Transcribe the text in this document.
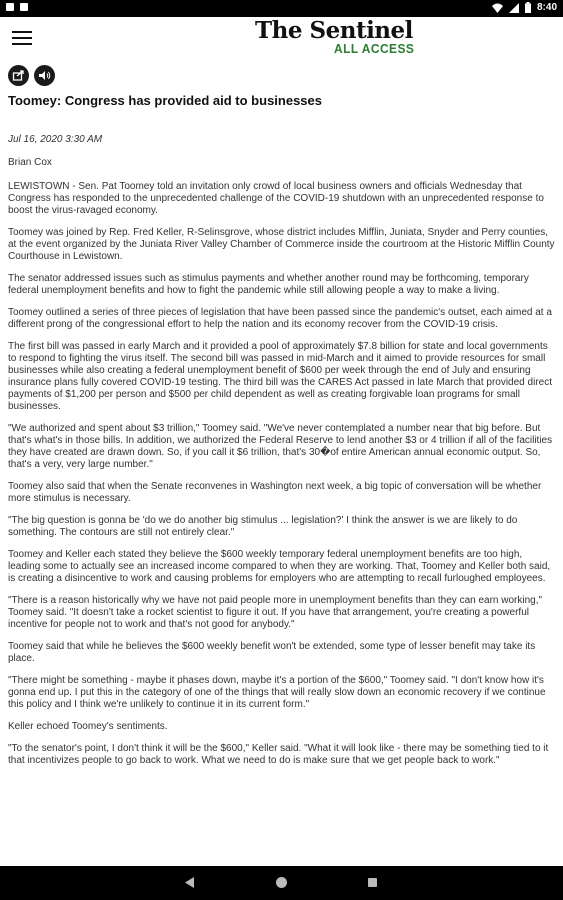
8:40
The Sentinel
ALL ACCESS
Toomey: Congress has provided aid to businesses
Jul 16, 2020 3:30 AM
Brian Cox

LEWISTOWN - Sen. Pat Toomey told an invitation only crowd of local business owners and officials Wednesday that Congress has responded to the unprecedented challenge of the COVID-19 shutdown with an unprecedented response to boost the virus-ravaged economy.

Toomey was joined by Rep. Fred Keller, R-Selinsgrove, whose district includes Mifflin, Juniata, Snyder and Perry counties, at the event organized by the Juniata River Valley Chamber of Commerce inside the courtroom at the Historic Mifflin County Courthouse in Lewistown.

The senator addressed issues such as stimulus payments and whether another round may be forthcoming, temporary federal unemployment benefits and how to fight the pandemic while still allowing people a way to make a living.

Toomey outlined a series of three pieces of legislation that have been passed since the pandemic's outset, each aimed at a different prong of the congressional effort to help the nation and its economy recover from the COVID-19 crisis.

The first bill was passed in early March and it provided a pool of approximately $7.8 billion for state and local governments to respond to fighting the virus itself. The second bill was passed in mid-March and it aimed to provide resources for small businesses while also creating a federal unemployment benefit of $600 per week through the end of July and ensuring insurance plans fully covered COVID-19 testing. The third bill was the CARES Act passed in late March that provided direct payments of $1,200 per person and $500 per child dependent as well as creating forgivable loan programs for small businesses.

"We authorized and spent about $3 trillion," Toomey said. "We've never contemplated a number near that big before. But that's what's in those bills. In addition, we authorized the Federal Reserve to lend another $3 or 4 trillion if all of the facilities they have created are drawn down. So, if you call it $6 trillion, that's 30�of entire American annual economic output. So, that's a very, very large number."

Toomey also said that when the Senate reconvenes in Washington next week, a big topic of conversation will be whether more stimulus is necessary.

"The big question is gonna be 'do we do another big stimulus ... legislation?' I think the answer is we are likely to do something. The contours are still not entirely clear."

Toomey and Keller each stated they believe the $600 weekly temporary federal unemployment benefits are too high, leading some to actually see an increased income compared to when they are working. That, Toomey and Keller both said, is creating a disincentive to work and causing problems for employers who are attempting to recall furloughed employees.

"There is a reason historically why we have not paid people more in unemployment benefits than they can earn working," Toomey said. "It doesn't take a rocket scientist to figure it out. If you have that arrangement, you're creating a powerful incentive for people not to work and that's not good for anybody."

Toomey said that while he believes the $600 weekly benefit won't be extended, some type of lesser benefit may take its place.

"There might be something - maybe it phases down, maybe it's a portion of the $600," Toomey said. "I don't know how it's gonna end up. I put this in the category of one of the things that will really slow down an economic recovery if we continue this policy and I think we're unlikely to continue it in its current form."

Keller echoed Toomey's sentiments.

"To the senator's point, I don't think it will be the $600," Keller said. "What it will look like - there may be something tied to it that incentivizes people to go back to work. What we need to do is make sure that we get people back to work."
